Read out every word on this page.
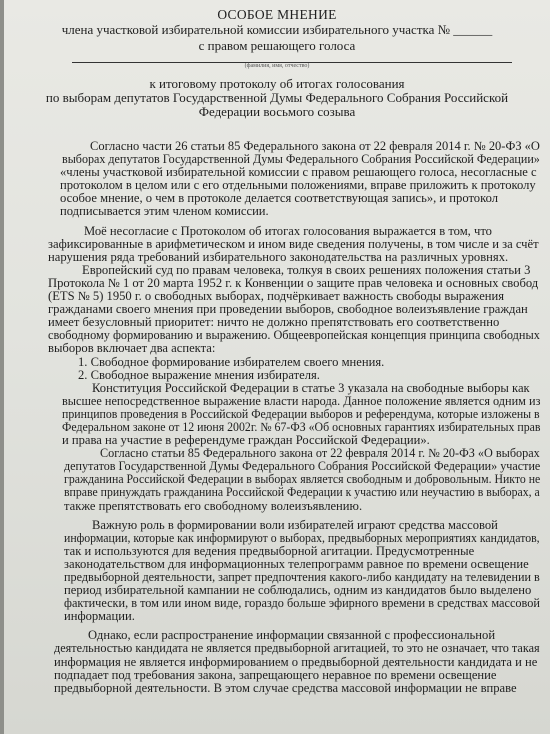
ОСОБОЕ МНЕНИЕ
члена участковой избирательной комиссии избирательного участка № ______
с правом решающего голоса
(фамилия, имя, отчество)
к итоговому протоколу об итогах голосования
по выборам депутатов Государственной Думы Федерального Собрания Российской
Федерации восьмого созыва
Согласно части 26 статьи 85 Федерального закона от 22 февраля 2014 г. № 20-ФЗ «О
выборах депутатов Государственной Думы Федерального Собрания Российской Федерации»
«члены участковой избирательной комиссии с правом решающего голоса, несогласные с
протоколом в целом или с его отдельными положениями, вправе приложить к протоколу
особое мнение, о чем в протоколе делается соответствующая запись», и протокол
подписывается этим членом комиссии.
Моё несогласие с Протоколом об итогах голосования выражается в том, что
зафиксированные в арифметическом и ином виде сведения получены, в том числе и за счёт
нарушения ряда требований избирательного законодательства на различных уровнях.
Европейский суд по правам человека, толкуя в своих решениях положения статьи 3
Протокола № 1 от 20 марта 1952 г. к Конвенции о защите прав человека и основных свобод
(ETS № 5) 1950 г. о свободных выборах, подчёркивает важность свободы выражения
гражданами своего мнения при проведении выборов, свободное волеизъявление граждан
имеет безусловный приоритет: ничто не должно препятствовать его соответственно
свободному формированию и выражению. Общеевропейская концепция принципа свободных
выборов включает два аспекта:
1. Свободное формирование избирателем своего мнения.
2. Свободное выражение мнения избирателя.
Конституция Российской Федерации в статье 3 указала на свободные выборы как
высшее непосредственное выражение власти народа. Данное положение является одним из
принципов проведения в Российской Федерации выборов и референдума, которые изложены в
Федеральном законе от 12 июня 2002г. № 67-ФЗ «Об основных гарантиях избирательных прав
и права на участие в референдуме граждан Российской Федерации».
Согласно статьи 85 Федерального закона от 22 февраля 2014 г. № 20-ФЗ «О выборах
депутатов Государственной Думы Федерального Собрания Российской Федерации» участие
гражданина Российской Федерации в выборах является свободным и добровольным. Никто не
вправе принуждать гражданина Российской Федерации к участию или неучастию в выборах, а
также препятствовать его свободному волеизъявлению.
Важную роль в формировании воли избирателей играют средства массовой
информации, которые как информируют о выборах, предвыборных мероприятиях кандидатов,
так и используются для ведения предвыборной агитации. Предусмотренные
законодательством для информационных телепрограмм равное по времени освещение
предвыборной деятельности, запрет предпочтения какого-либо кандидату на телевидении в
период избирательной кампании не соблюдались, одним из кандидатов было выделено
фактически, в том или ином виде, гораздо больше эфирного времени в средствах массовой
информации.
Однако, если распространение информации связанной с профессиональной
деятельностью кандидата не является предвыборной агитацией, то это не означает, что такая
информация не является информированием о предвыборной деятельности кандидата и не
подпадает под требования закона, запрещающего неравное по времени освещение
предвыборной деятельности. В этом случае средства массовой информации не вправе
